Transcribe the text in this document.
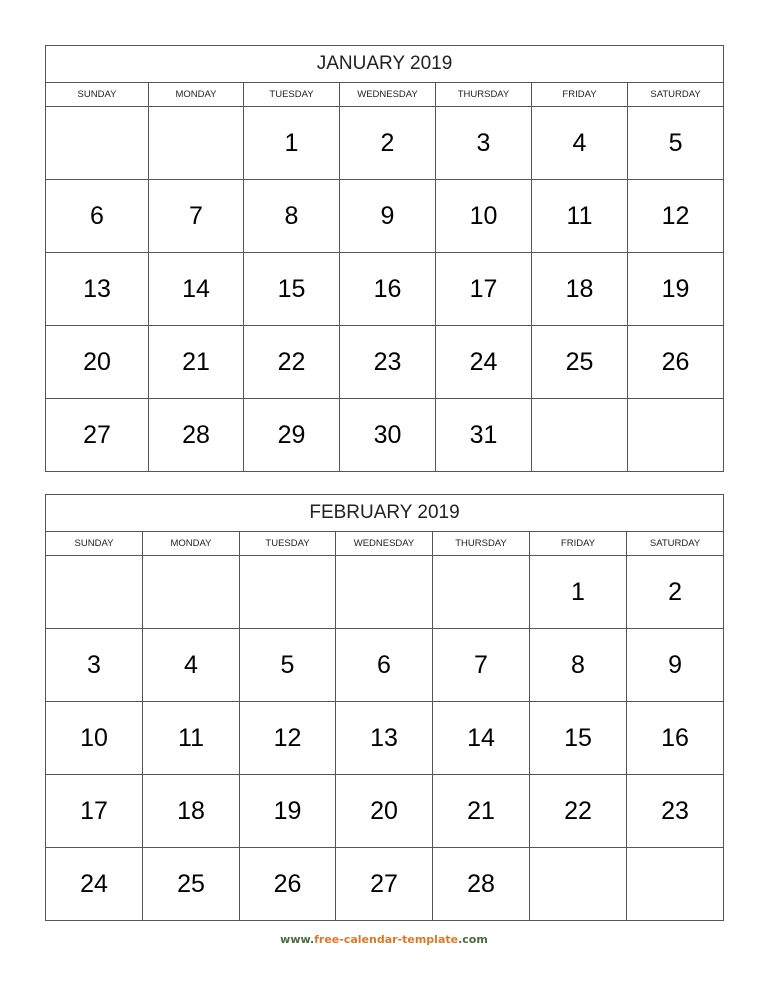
JANUARY 2019						
SUNDAY	MONDAY	TUESDAY	WEDNESDAY	THURSDAY	FRIDAY	SATURDAY
		1	2	3	4	5
6	7	8	9	10	11	12
13	14	15	16	17	18	19
20	21	22	23	24	25	26
27	28	29	30	31		
FEBRUARY 2019						
SUNDAY	MONDAY	TUESDAY	WEDNESDAY	THURSDAY	FRIDAY	SATURDAY
					1	2
3	4	5	6	7	8	9
10	11	12	13	14	15	16
17	18	19	20	21	22	23
24	25	26	27	28		
www.free-calendar-template.com
